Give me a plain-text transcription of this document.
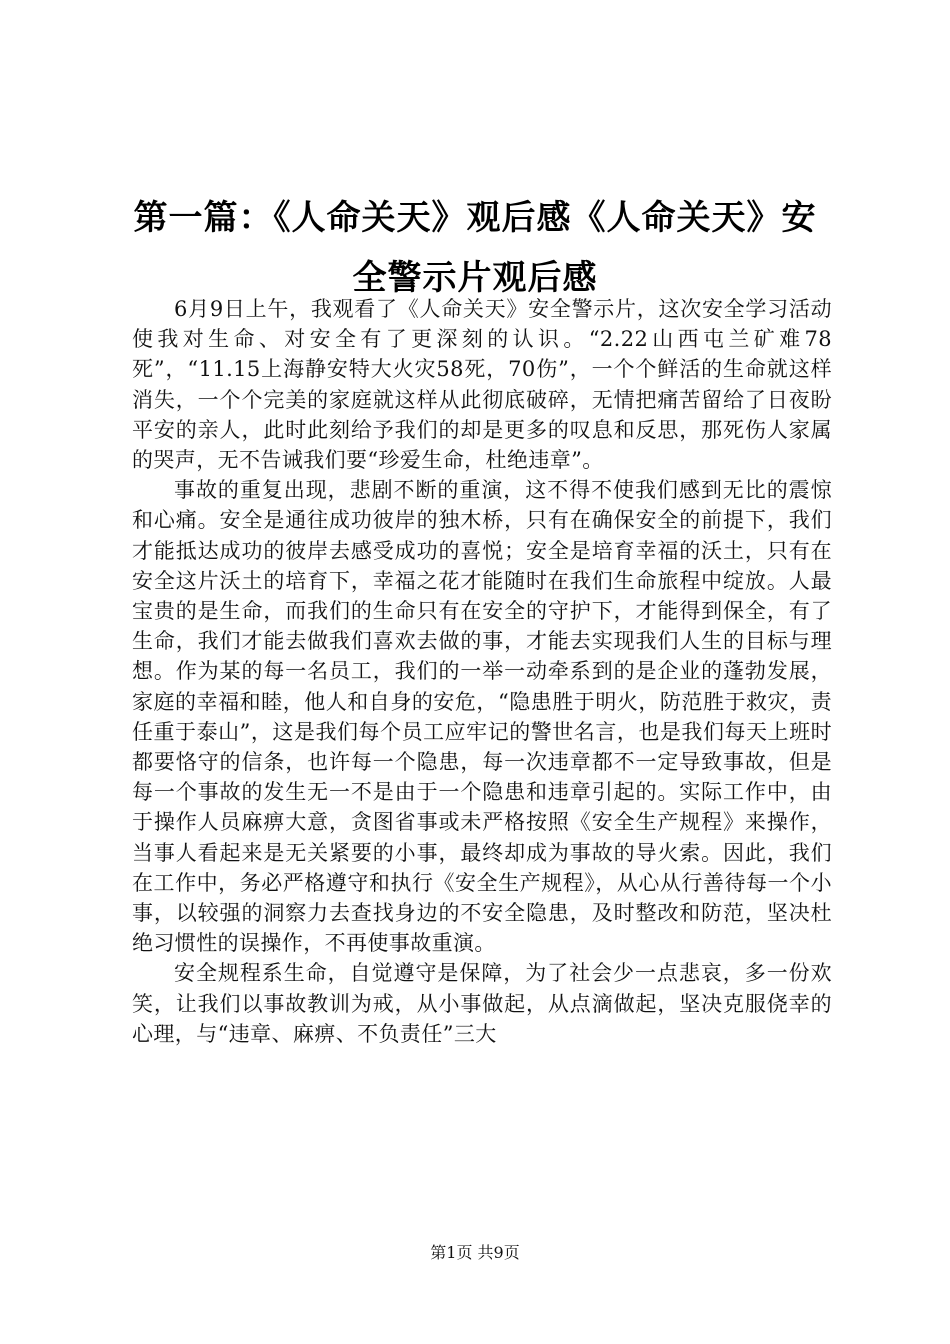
第一篇：《人命关天》观后感《人命关天》安全警示片观后感

6月9日上午，我观看了《人命关天》安全警示片，这次安全学习活动使我对生命、对安全有了更深刻的认识。“2.22山西屯兰矿难78死”，“11.15上海静安特大火灾58死，70伤”，一个个鲜活的生命就这样消失，一个个完美的家庭就这样从此彻底破碎，无情把痛苦留给了日夜盼平安的亲人，此时此刻给予我们的却是更多的叹息和反思，那死伤人家属的哭声，无不告诫我们要“珍爱生命，杜绝违章”。

事故的重复出现，悲剧不断的重演，这不得不使我们感到无比的震惊和心痛。安全是通往成功彼岸的独木桥，只有在确保安全的前提下，我们才能抵达成功的彼岸去感受成功的喜悦；安全是培育幸福的沃土，只有在安全这片沃土的培育下，幸福之花才能随时在我们生命旅程中绽放。人最宝贵的是生命，而我们的生命只有在安全的守护下，才能得到保全，有了生命，我们才能去做我们喜欢去做的事，才能去实现我们人生的目标与理想。作为某的每一名员工，我们的一举一动牵系到的是企业的蓬勃发展，家庭的幸福和睦，他人和自身的安危，“隐患胜于明火，防范胜于救灾，责任重于泰山”，这是我们每个员工应牢记的警世名言，也是我们每天上班时都要恪守的信条，也许每一个隐患，每一次违章都不一定导致事故，但是每一个事故的发生无一不是由于一个隐患和违章引起的。实际工作中，由于操作人员麻痹大意，贪图省事或未严格按照《安全生产规程》来操作，当事人看起来是无关紧要的小事，最终却成为事故的导火索。因此，我们在工作中，务必严格遵守和执行《安全生产规程》，从心从行善待每一个小事，以较强的洞察力去查找身边的不安全隐患，及时整改和防范，坚决杜绝习惯性的误操作，不再使事故重演。

安全规程系生命，自觉遵守是保障，为了社会少一点悲哀，多一份欢笑，让我们以事故教训为戒，从小事做起，从点滴做起，坚决克服侥幸的心理，与“违章、麻痹、不负责任”三大

第1页 共9页
